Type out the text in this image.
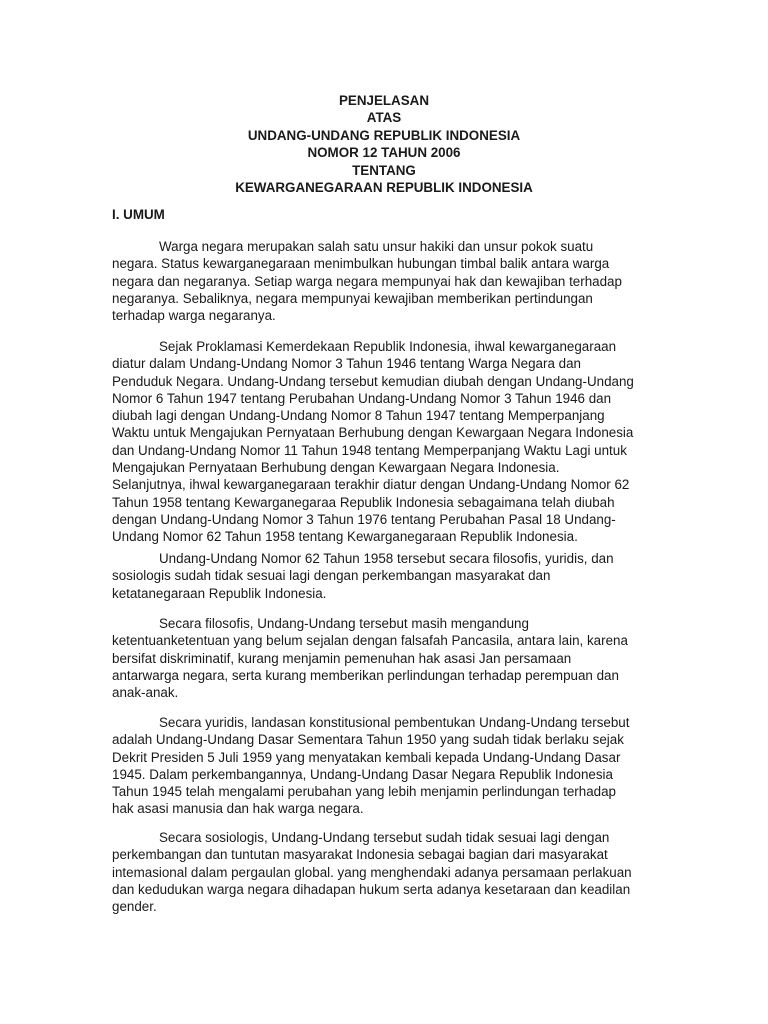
PENJELASAN
ATAS
UNDANG-UNDANG REPUBLIK INDONESIA
NOMOR 12 TAHUN 2006
TENTANG
KEWARGANEGARAAN REPUBLIK INDONESIA
I. UMUM
Warga negara merupakan salah satu unsur hakiki dan unsur pokok suatu
negara. Status kewarganegaraan menimbulkan hubungan timbal balik antara warga
negara dan negaranya. Setiap warga negara mempunyai hak dan kewajiban terhadap
negaranya. Sebaliknya, negara mempunyai kewajiban memberikan pertindungan
terhadap warga negaranya.
Sejak Proklamasi Kemerdekaan Republik Indonesia, ihwal kewarganegaraan
diatur dalam Undang-Undang Nomor 3 Tahun 1946 tentang Warga Negara dan
Penduduk Negara. Undang-Undang tersebut kemudian diubah dengan Undang-Undang
Nomor 6 Tahun 1947 tentang Perubahan Undang-Undang Nomor 3 Tahun 1946 dan
diubah lagi dengan Undang-Undang Nomor 8 Tahun 1947 tentang Memperpanjang
Waktu untuk Mengajukan Pernyataan Berhubung dengan Kewargaan Negara Indonesia
dan Undang-Undang Nomor 11 Tahun 1948 tentang Memperpanjang Waktu Lagi untuk
Mengajukan Pernyataan Berhubung dengan Kewargaan Negara Indonesia.
Selanjutnya, ihwal kewarganegaraan terakhir diatur dengan Undang-Undang Nomor 62
Tahun 1958 tentang Kewarganegaraa Republik Indonesia sebagaimana telah diubah
dengan Undang-Undang Nomor 3 Tahun 1976 tentang Perubahan Pasal 18 Undang-
Undang Nomor 62 Tahun 1958 tentang Kewarganegaraan Republik Indonesia.
Undang-Undang Nomor 62 Tahun 1958 tersebut secara filosofis, yuridis, dan
sosiologis sudah tidak sesuai lagi dengan perkembangan masyarakat dan
ketatanegaraan Republik Indonesia.
Secara filosofis, Undang-Undang tersebut masih mengandung
ketentuanketentuan yang belum sejalan dengan falsafah Pancasila, antara lain, karena
bersifat diskriminatif, kurang menjamin pemenuhan hak asasi Jan persamaan
antarwarga negara, serta kurang memberikan perlindungan terhadap perempuan dan
anak-anak.
Secara yuridis, landasan konstitusional pembentukan Undang-Undang tersebut
adalah Undang-Undang Dasar Sementara Tahun 1950 yang sudah tidak berlaku sejak
Dekrit Presiden 5 Juli 1959 yang menyatakan kembali kepada Undang-Undang Dasar
1945. Dalam perkembangannya, Undang-Undang Dasar Negara Republik Indonesia
Tahun 1945 telah mengalami perubahan yang lebih menjamin perlindungan terhadap
hak asasi manusia dan hak warga negara.
Secara sosiologis, Undang-Undang tersebut sudah tidak sesuai lagi dengan
perkembangan dan tuntutan masyarakat Indonesia sebagai bagian dari masyarakat
intemasional dalam pergaulan global. yang menghendaki adanya persamaan perlakuan
dan kedudukan warga negara dihadapan hukum serta adanya kesetaraan dan keadilan
gender.
